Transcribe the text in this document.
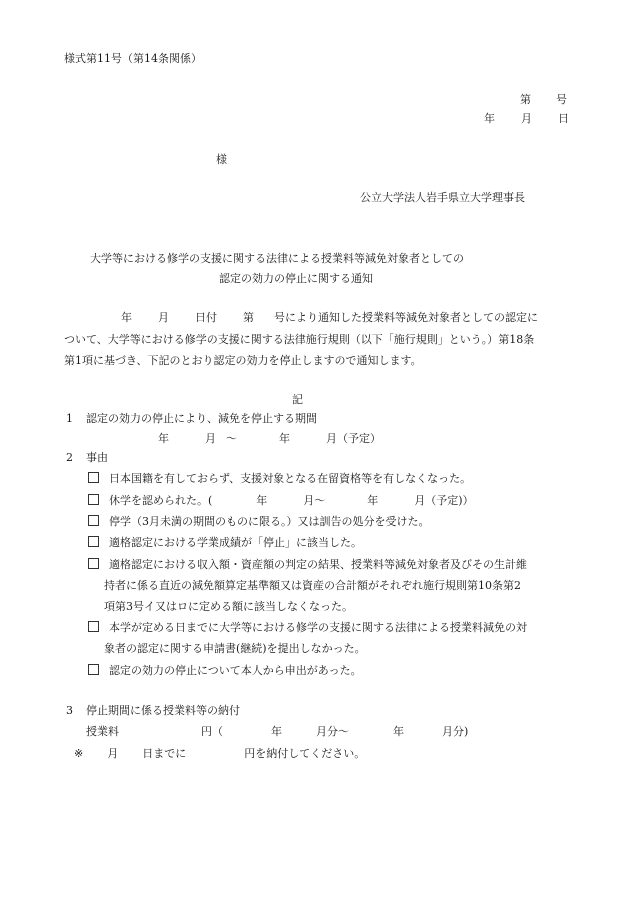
様式第11号（第14条関係）
第 号
年 月 日
様
公立大学法人岩手県立大学理事長
大学等における修学の支援に関する法律による授業料等減免対象者としての
認定の効力の停止に関する通知
年 月 日付 第 号により通知した授業料等減免対象者としての認定に
ついて、大学等における修学の支援に関する法律施行規則（以下「施行規則」という。）第18条
第1項に基づき、下記のとおり認定の効力を停止しますので通知します。
記
1 認定の効力の停止により、減免を停止する期間
年	月 ～	年	月（予定）
2 事由
日本国籍を有しておらず、支援対象となる在留資格等を有しなくなった。
休学を認められた。(	年	月～	年	月（予定)）
停学（3月未満の期間のものに限る。）又は訓告の処分を受けた。
適格認定における学業成績が「停止」に該当した。
適格認定における収入額・資産額の判定の結果、授業料等減免対象者及びその生計維
持者に係る直近の減免額算定基準額又は資産の合計額がそれぞれ施行規則第10条第2
項第3号イ又はロに定める額に該当しなくなった。
本学が定める日までに大学等における修学の支援に関する法律による授業料減免の対
象者の認定に関する申請書(継続)を提出しなかった。
認定の効力の停止について本人から申出があった。
3 停止期間に係る授業料等の納付
授業料	円（	年	月分～	年	月分)
※ 月 日までに	円を納付してください。
